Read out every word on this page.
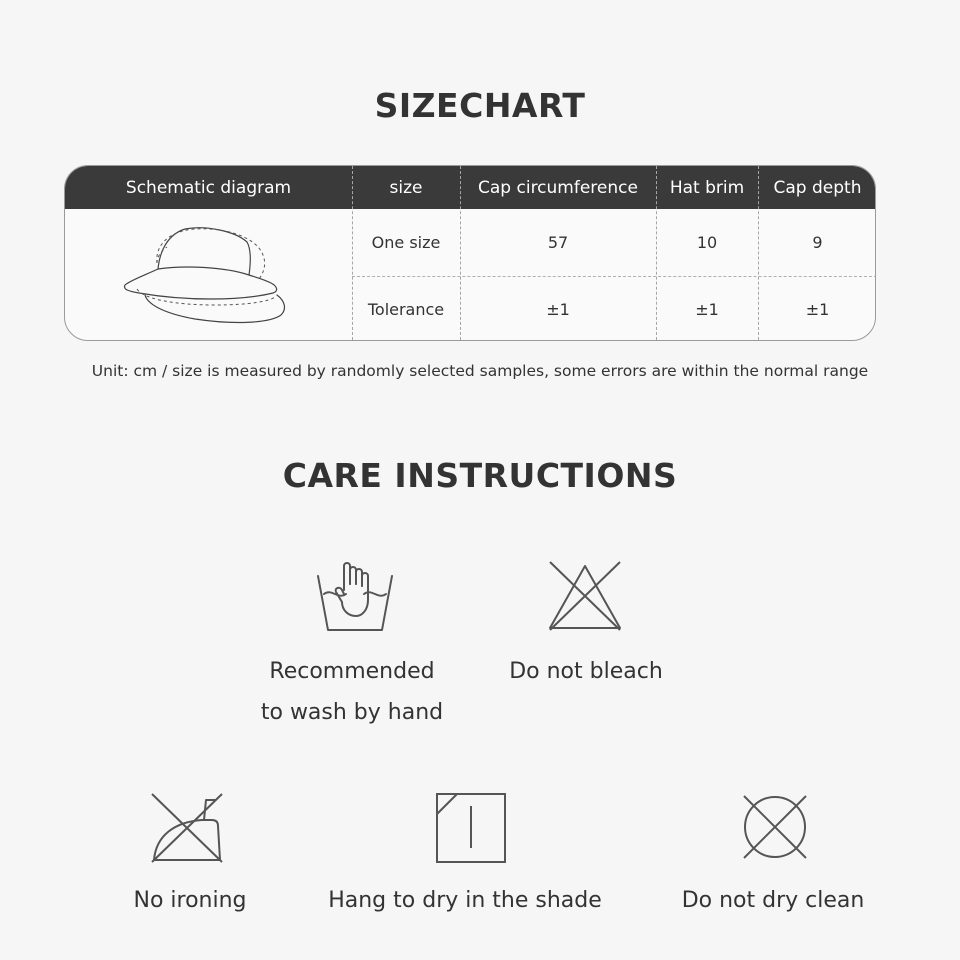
SIZECHART
Schematic diagram	size	Cap circumference	Hat brim	Cap depth
One size	57	10	9
Tolerance	±1	±1	±1
Unit: cm / size is measured by randomly selected samples, some errors are within the normal range
CARE INSTRUCTIONS
Recommended
to wash by hand
Do not bleach
No ironing	Hang to dry in the shade	Do not dry clean
